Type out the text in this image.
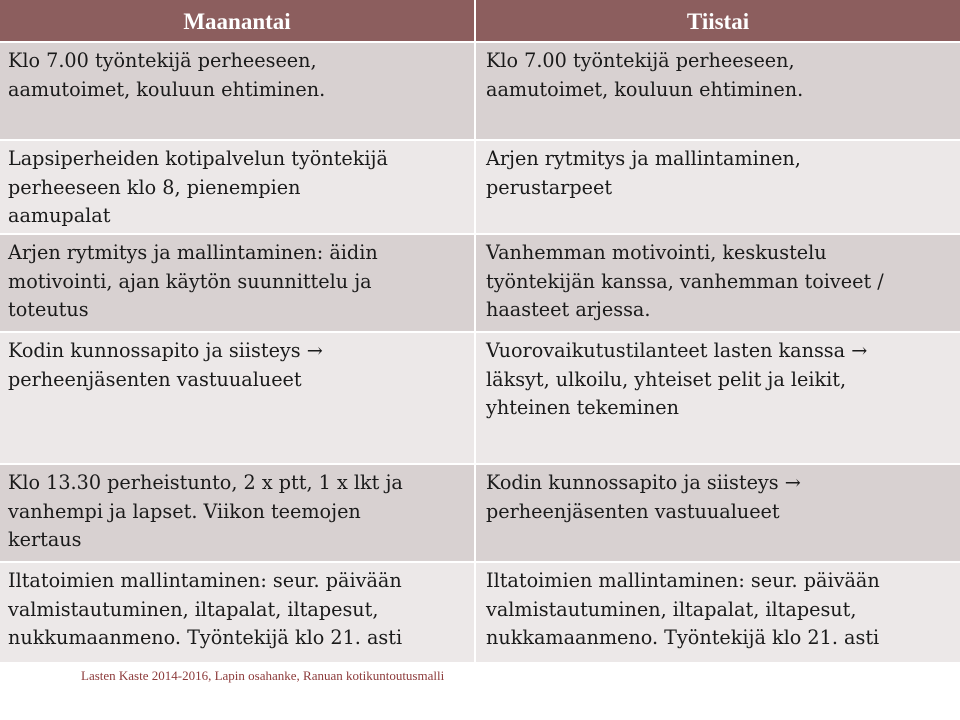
Maanantai	Tiistai
Klo 7.00 työntekijä perheeseen,
aamutoimet, kouluun ehtiminen.
Klo 7.00 työntekijä perheeseen,
aamutoimet, kouluun ehtiminen.
Lapsiperheiden kotipalvelun työntekijä
perheeseen klo 8, pienempien
aamupalat
Arjen rytmitys ja mallintaminen,
perustarpeet
Arjen rytmitys ja mallintaminen: äidin
motivointi, ajan käytön suunnittelu ja
toteutus
Vanhemman motivointi, keskustelu
työntekijän kanssa, vanhemman toiveet /
haasteet arjessa.
Kodin kunnossapito ja siisteys →
perheenjäsenten vastuualueet
Vuorovaikutustilanteet lasten kanssa →
läksyt, ulkoilu, yhteiset pelit ja leikit,
yhteinen tekeminen
Klo 13.30 perheistunto, 2 x ptt, 1 x lkt ja
vanhempi ja lapset. Viikon teemojen
kertaus
Kodin kunnossapito ja siisteys →
perheenjäsenten vastuualueet
Iltatoimien mallintaminen: seur. päivään
valmistautuminen, iltapalat, iltapesut,
nukkumaanmeno. Työntekijä klo 21. asti
Iltatoimien mallintaminen: seur. päivään
valmistautuminen, iltapalat, iltapesut,
nukkamaanmeno. Työntekijä klo 21. asti
Lasten Kaste 2014-2016, Lapin osahanke, Ranuan kotikuntoutusmalli
